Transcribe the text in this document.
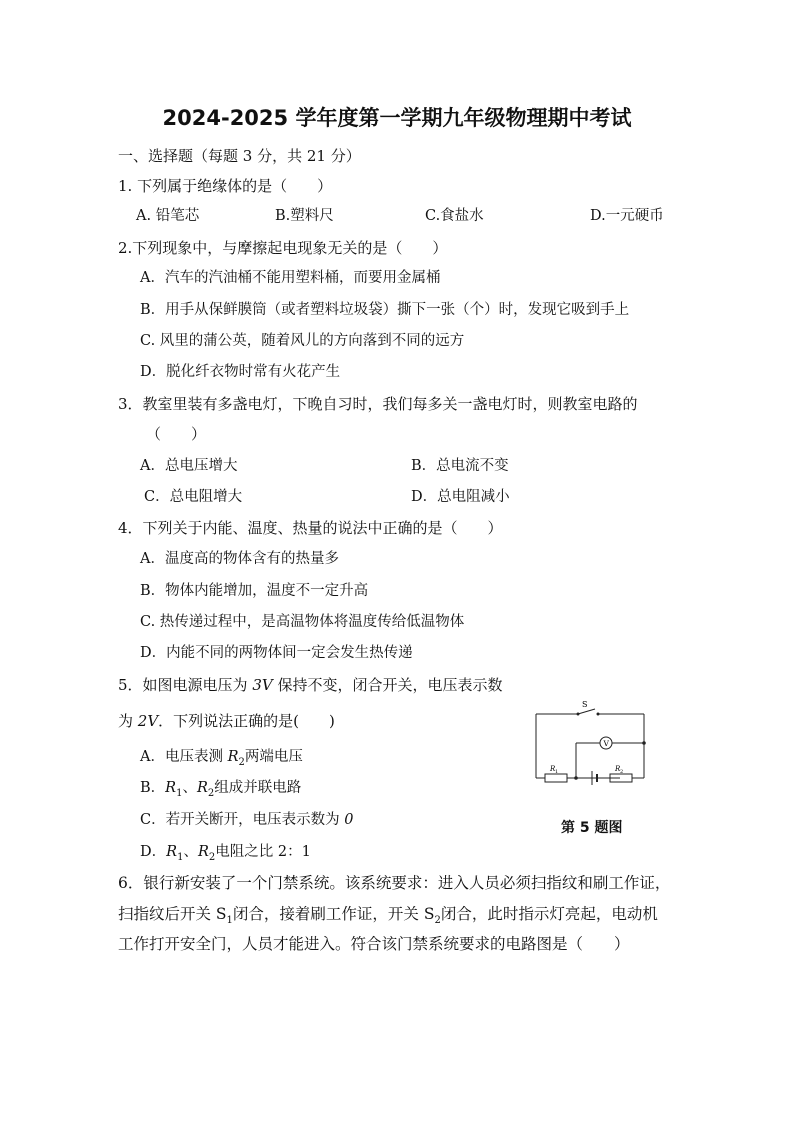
2024-2025 学年度第一学期九年级物理期中考试
一、选择题（每题 3 分，共 21 分）
1. 下列属于绝缘体的是（　　）
A. 铅笔芯	B.塑料尺	C.食盐水	D.一元硬币
2.下列现象中，与摩擦起电现象无关的是（　　）
A．汽车的汽油桶不能用塑料桶，而要用金属桶
B．用手从保鲜膜筒（或者塑料垃圾袋）撕下一张（个）时，发现它吸到手上
C. 风里的蒲公英，随着风儿的方向落到不同的远方
D．脱化纤衣物时常有火花产生
3．教室里装有多盏电灯，下晚自习时，我们每多关一盏电灯时，则教室电路的
（　　）
A．总电压增大	B．总电流不变
C．总电阻增大	D．总电阻减小
4．下列关于内能、温度、热量的说法中正确的是（　　）
A．温度高的物体含有的热量多
B．物体内能增加，温度不一定升高
C. 热传递过程中，是高温物体将温度传给低温物体
D．内能不同的两物体间一定会发生热传递
5．如图电源电压为 3V 保持不变，闭合开关，电压表示数
为 2V．下列说法正确的是(　　)
A．电压表测 $R_2$两端电压
B．$R_1$、$R_2$组成并联电路
C．若开关断开，电压表示数为 0
D．$R_1$、$R_2$电阻之比 2：1
S
V
R 1	R 2
第 5 题图
6．银行新安装了一个门禁系统。该系统要求：进入人员必须扫指纹和刷工作证，
扫指纹后开关 $S_1$闭合，接着刷工作证，开关 $S_2$闭合，此时指示灯亮起，电动机
工作打开安全门，人员才能进入。符合该门禁系统要求的电路图是（　　）
